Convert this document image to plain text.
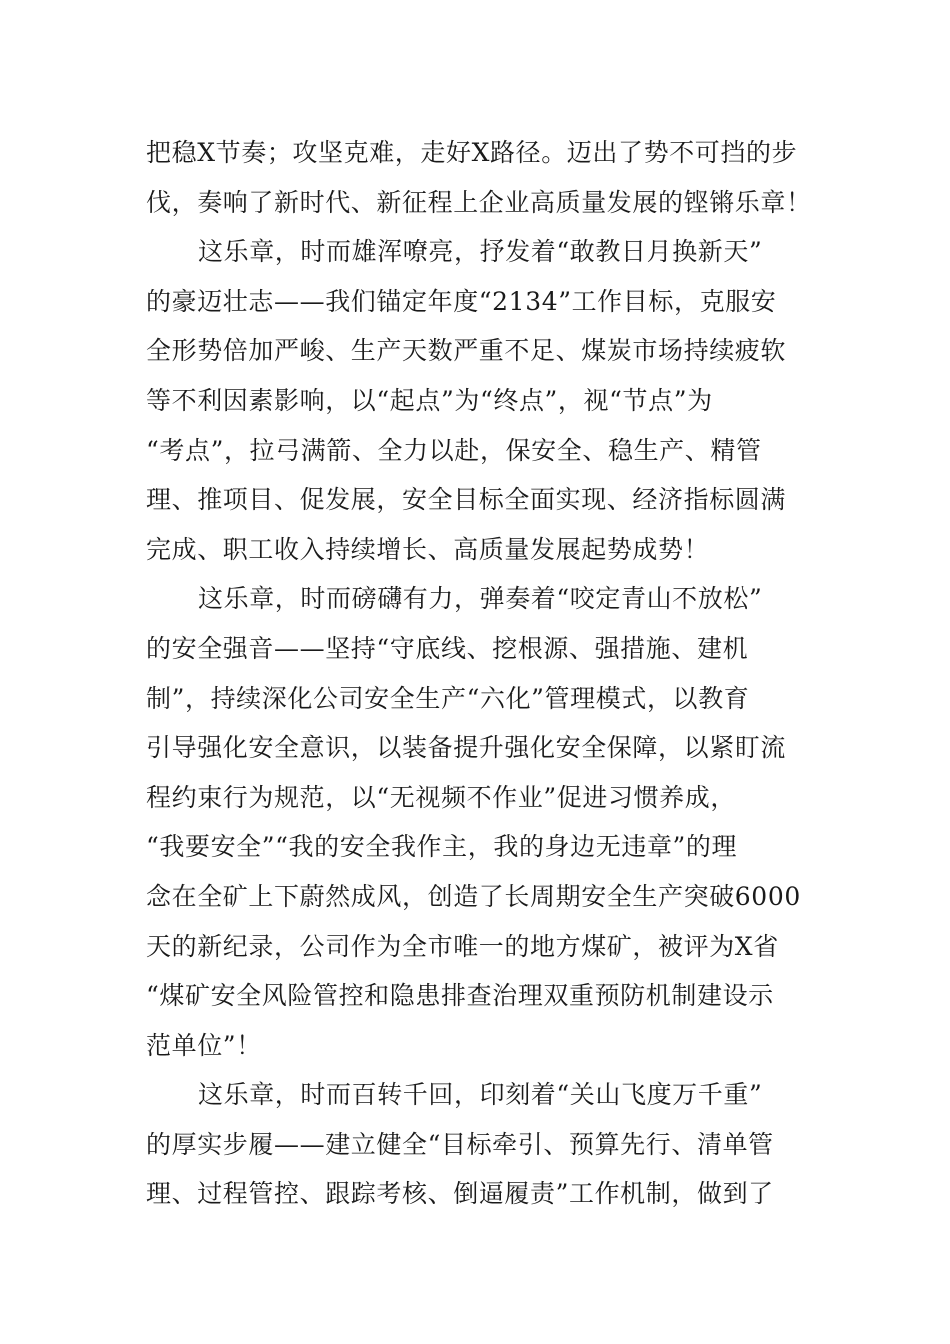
把稳X节奏；攻坚克难，走好X路径。迈出了势不可挡的步
伐，奏响了新时代、新征程上企业高质量发展的铿锵乐章！
这乐章，时而雄浑嘹亮，抒发着“敢教日月换新天”
的豪迈壮志——我们锚定年度“2134”工作目标，克服安
全形势倍加严峻、生产天数严重不足、煤炭市场持续疲软
等不利因素影响，以“起点”为“终点”，视“节点”为
“考点”，拉弓满箭、全力以赴，保安全、稳生产、精管
理、推项目、促发展，安全目标全面实现、经济指标圆满
完成、职工收入持续增长、高质量发展起势成势！
这乐章，时而磅礴有力，弹奏着“咬定青山不放松”
的安全强音——坚持“守底线、挖根源、强措施、建机
制”，持续深化公司安全生产“六化”管理模式，以教育
引导强化安全意识，以装备提升强化安全保障，以紧盯流
程约束行为规范，以“无视频不作业”促进习惯养成，
“我要安全”“我的安全我作主，我的身边无违章”的理
念在全矿上下蔚然成风，创造了长周期安全生产突破6000
天的新纪录，公司作为全市唯一的地方煤矿，被评为X省
“煤矿安全风险管控和隐患排查治理双重预防机制建设示
范单位”！
这乐章，时而百转千回，印刻着“关山飞度万千重”
的厚实步履——建立健全“目标牵引、预算先行、清单管
理、过程管控、跟踪考核、倒逼履责”工作机制，做到了
